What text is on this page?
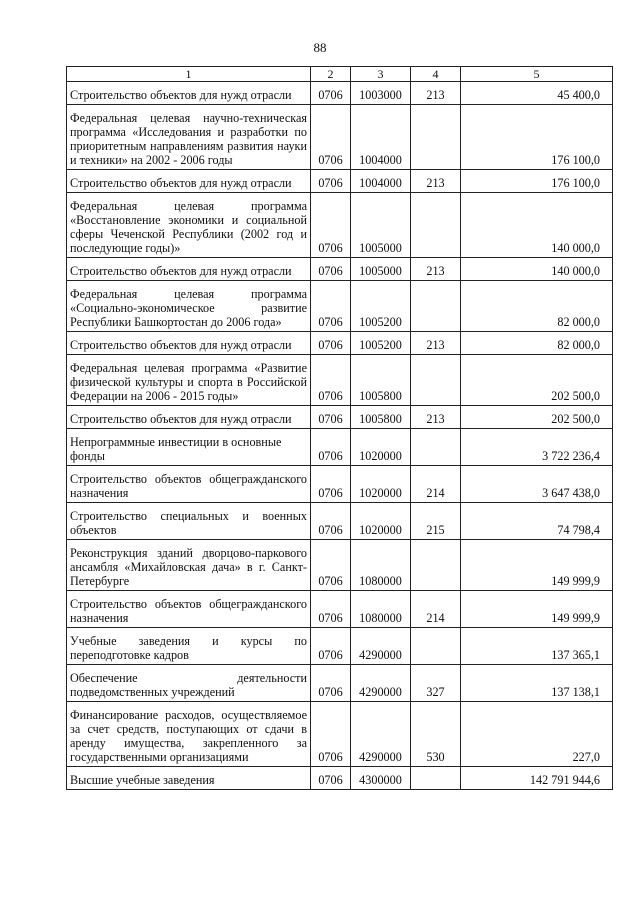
88
1	2	3	4	5
Строительство объектов для нужд отрасли	0706	1003000	213	45 400,0
Федеральная целевая научно-техническая программа «Исследования и разработки по приоритетным направлениям развития науки и техники» на 2002 - 2006 годы	0706	1004000		176 100,0
Строительство объектов для нужд отрасли	0706	1004000	213	176 100,0
Федеральная целевая программа «Восстановление экономики и социальной сферы Чеченской Республики (2002 год и последующие годы)»	0706	1005000		140 000,0
Строительство объектов для нужд отрасли	0706	1005000	213	140 000,0
Федеральная целевая программа «Социально-экономическое развитие Республики Башкортостан до 2006 года»	0706	1005200		82 000,0
Строительство объектов для нужд отрасли	0706	1005200	213	82 000,0
Федеральная целевая программа «Развитие физической культуры и спорта в Российской Федерации на 2006 - 2015 годы»	0706	1005800		202 500,0
Строительство объектов для нужд отрасли	0706	1005800	213	202 500,0
Непрограммные инвестиции в основные фонды	0706	1020000		3 722 236,4
Строительство объектов общегражданского назначения	0706	1020000	214	3 647 438,0
Строительство специальных и военных объектов	0706	1020000	215	74 798,4
Реконструкция зданий дворцово-паркового ансамбля «Михайловская дача» в г. Санкт-Петербурге	0706	1080000		149 999,9
Строительство объектов общегражданского назначения	0706	1080000	214	149 999,9
Учебные заведения и курсы по переподготовке кадров	0706	4290000		137 365,1
Обеспечение деятельности подведомственных учреждений	0706	4290000	327	137 138,1
Финансирование расходов, осуществляемое за счет средств, поступающих от сдачи в аренду имущества, закрепленного за государственными организациями	0706	4290000	530	227,0
Высшие учебные заведения	0706	4300000		142 791 944,6
